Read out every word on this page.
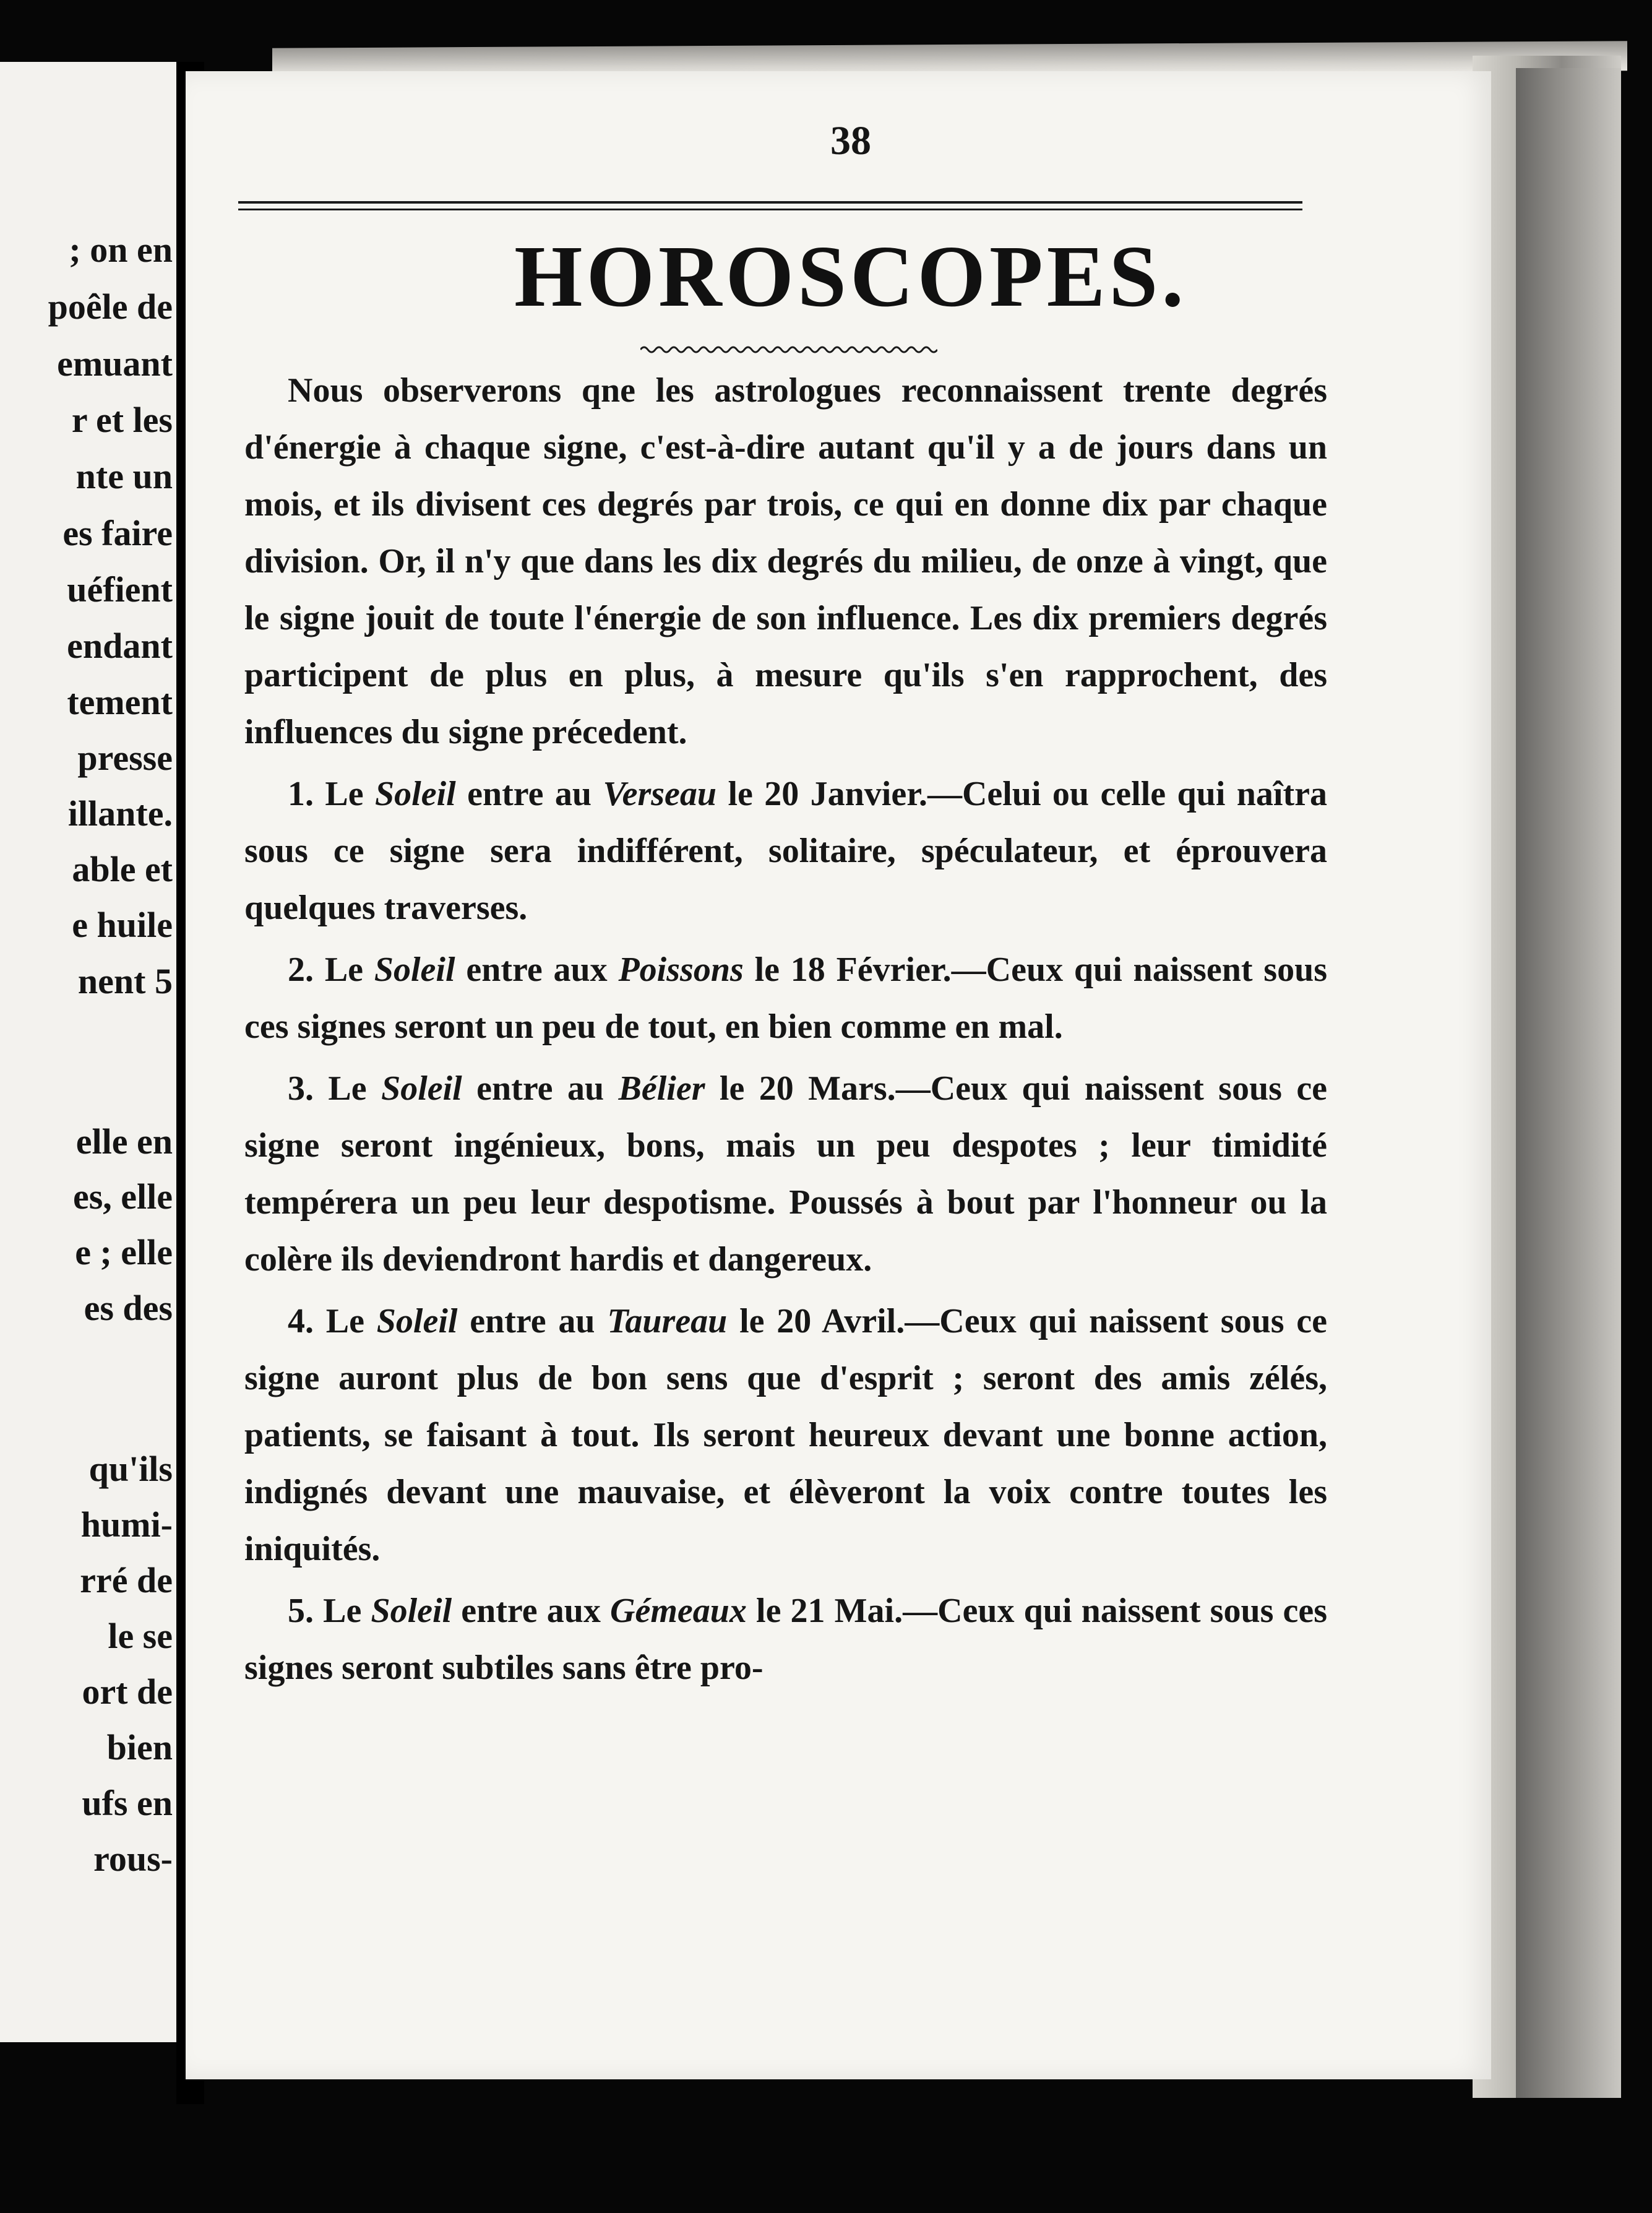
; on en
poêle de
emuant
r et les
nte un
es faire
uéfient
endant
tement
presse
illante.
able et
e huile
nent 5
elle en
es, elle
e ; elle
es des
qu'ils
humi-
rré de
le se
ort de
bien
ufs en
rous-
38
HOROSCOPES.

Nous observerons qne les astrologues reconnaissent trente degrés d'énergie à chaque signe, c'est-à-dire autant qu'il y a de jours dans un mois, et ils divisent ces degrés par trois, ce qui en donne dix par chaque division. Or, il n'y que dans les dix degrés du milieu, de onze à vingt, que le signe jouit de toute l'énergie de son influence. Les dix premiers degrés participent de plus en plus, à mesure qu'ils s'en rapprochent, des influences du signe précedent.

1. Le Soleil entre au Verseau le 20 Janvier.—Celui ou celle qui naîtra sous ce signe sera indifférent, solitaire, spéculateur, et éprouvera quelques traverses.

2. Le Soleil entre aux Poissons le 18 Février.—Ceux qui naissent sous ces signes seront un peu de tout, en bien comme en mal.

3. Le Soleil entre au Bélier le 20 Mars.—Ceux qui naissent sous ce signe seront ingénieux, bons, mais un peu despotes ; leur timidité tempérera un peu leur despotisme. Poussés à bout par l'honneur ou la colère ils deviendront hardis et dangereux.

4. Le Soleil entre au Taureau le 20 Avril.—Ceux qui naissent sous ce signe auront plus de bon sens que d'esprit ; seront des amis zélés, patients, se faisant à tout. Ils seront heureux devant une bonne action, indignés devant une mauvaise, et élèveront la voix contre toutes les iniquités.

5. Le Soleil entre aux Gémeaux le 21 Mai.—Ceux qui naissent sous ces signes seront subtiles sans être pro-
